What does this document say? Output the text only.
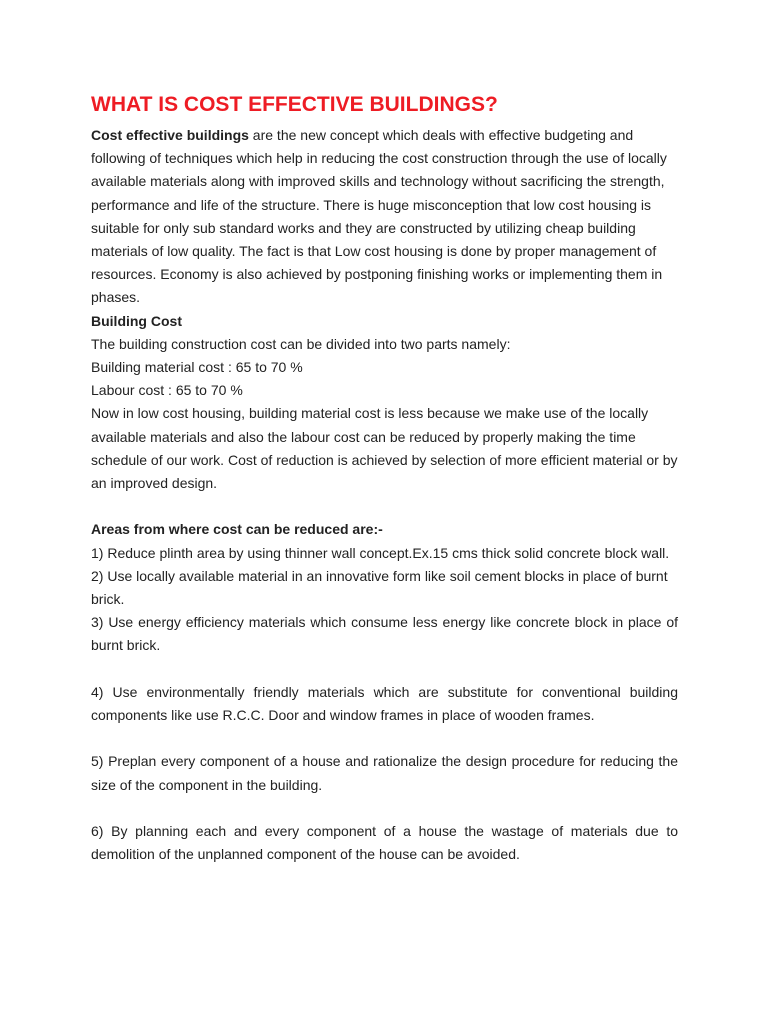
WHAT IS COST EFFECTIVE BUILDINGS?

Cost effective buildings are the new concept which deals with effective budgeting and following of techniques which help in reducing the cost construction through the use of locally available materials along with improved skills and technology without sacrificing the strength, performance and life of the structure. There is huge misconception that low cost housing is suitable for only sub standard works and they are constructed by utilizing cheap building materials of low quality. The fact is that Low cost housing is done by proper management of resources. Economy is also achieved by postponing finishing works or implementing them in phases.

Building Cost

The building construction cost can be divided into two parts namely:

Building material cost : 65 to 70 %

Labour cost : 65 to 70 %

Now in low cost housing, building material cost is less because we make use of the locally available materials and also the labour cost can be reduced by properly making the time schedule of our work. Cost of reduction is achieved by selection of more efficient material or by an improved design.

Areas from where cost can be reduced are:-

1) Reduce plinth area by using thinner wall concept.Ex.15 cms thick solid concrete block wall.

2) Use locally available material in an innovative form like soil cement blocks in place of burnt brick.

3) Use energy efficiency materials which consume less energy like concrete block in place of burnt brick.

4) Use environmentally friendly materials which are substitute for conventional building components like use R.C.C. Door and window frames in place of wooden frames.

5) Preplan every component of a house and rationalize the design procedure for reducing the size of the component in the building.

6) By planning each and every component of a house the wastage of materials due to demolition of the unplanned component of the house can be avoided.
